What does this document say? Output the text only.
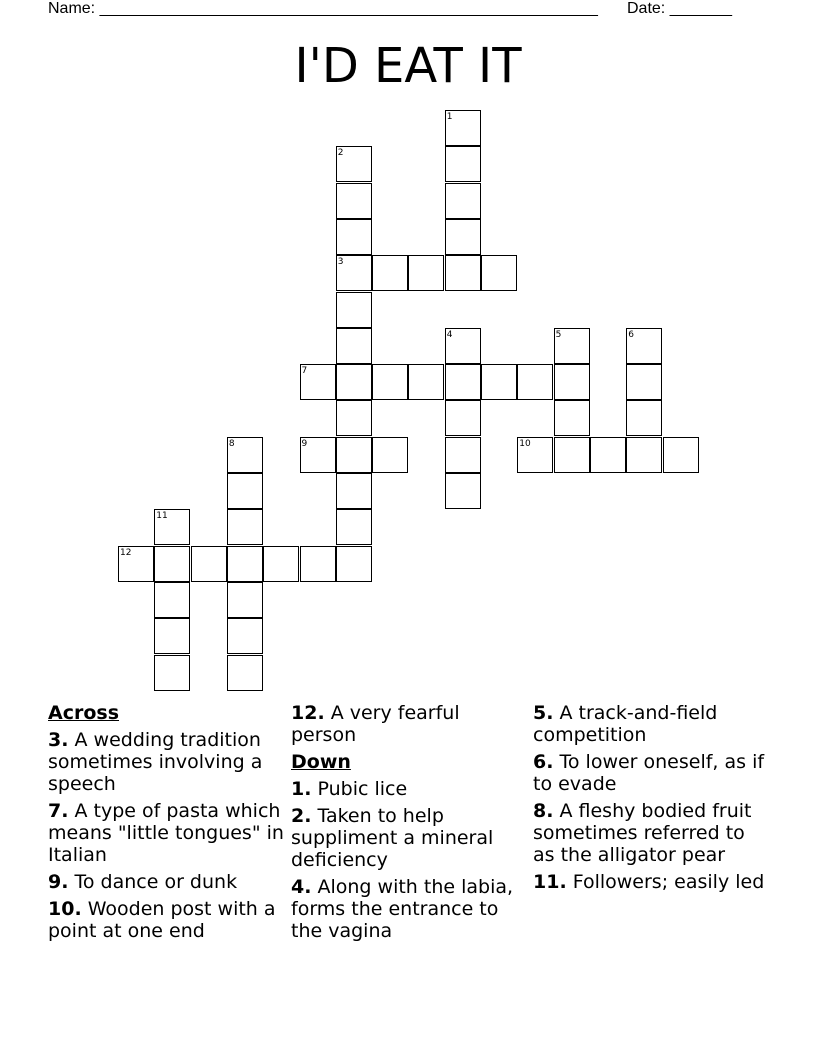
Name: ________________________________________________________ Date: _______
I'D EAT IT
1
2
3
4	5	6
7
8	9	10
11
12
Across
3. A wedding tradition sometimes involving a speech
7. A type of pasta which means "little tongues" in Italian
9. To dance or dunk
10. Wooden post with a point at one end
12. A very fearful person
Down
1. Pubic lice
2. Taken to help suppliment a mineral deficiency
4. Along with the labia, forms the entrance to the vagina
5. A track-and-field competition
6. To lower oneself, as if to evade
8. A fleshy bodied fruit sometimes referred to as the alligator pear
11. Followers; easily led
